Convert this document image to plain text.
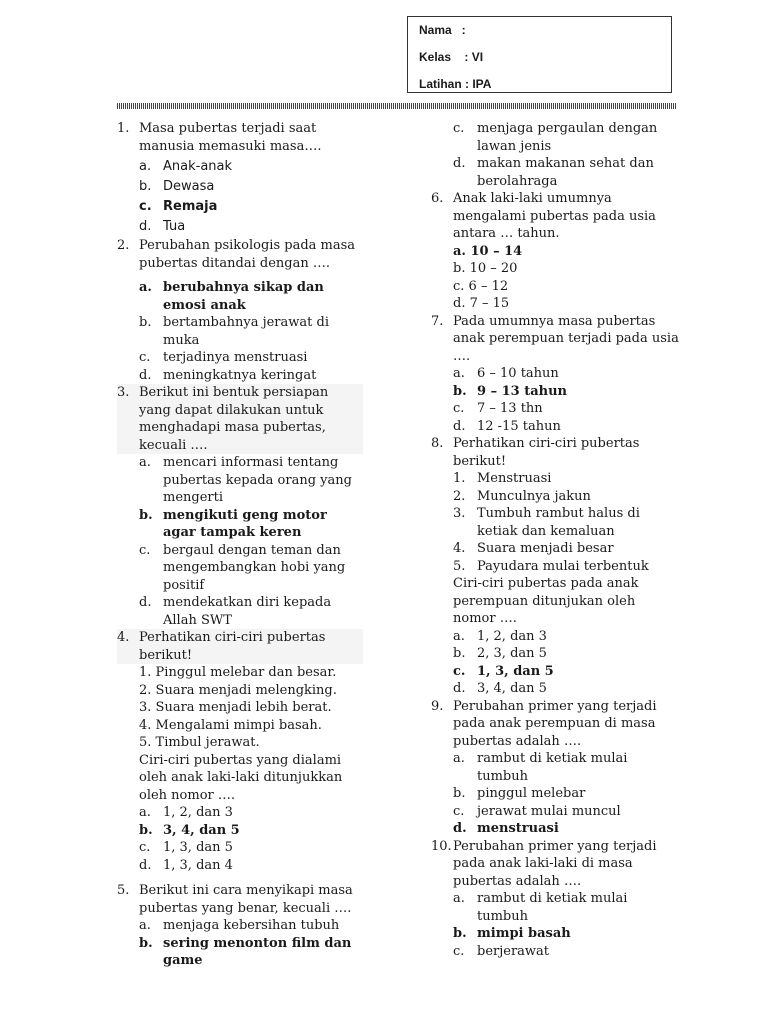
Nama   :
Kelas    : VI
Latihan : IPA
1. Masa pubertas terjadi saat manusia memasuki masa….
a. Anak-anak
b. Dewasa
c. Remaja
d. Tua
2. Perubahan psikologis pada masa pubertas ditandai dengan ….
a. berubahnya sikap dan emosi anak
b. bertambahnya jerawat di muka
c. terjadinya menstruasi
d. meningkatnya keringat
3. Berikut ini bentuk persiapan yang dapat dilakukan untuk menghadapi masa pubertas, kecuali ….
a. mencari informasi tentang pubertas kepada orang yang mengerti
b. mengikuti geng motor agar tampak keren
c. bergaul dengan teman dan mengembangkan hobi yang positif
d. mendekatkan diri kepada Allah SWT
4. Perhatikan ciri-ciri pubertas berikut!
1. Pinggul melebar dan besar.
2. Suara menjadi melengking.
3. Suara menjadi lebih berat.
4. Mengalami mimpi basah.
5. Timbul jerawat.
Ciri-ciri pubertas yang dialami oleh anak laki-laki ditunjukkan oleh nomor ….
a. 1, 2, dan 3
b. 3, 4, dan 5
c. 1, 3, dan 5
d. 1, 3, dan 4
5. Berikut ini cara menyikapi masa pubertas yang benar, kecuali ….
a. menjaga kebersihan tubuh
b. sering menonton film dan game
c. menjaga pergaulan dengan lawan jenis
d. makan makanan sehat dan berolahraga
6. Anak laki-laki umumnya mengalami pubertas pada usia antara … tahun.
a. 10 – 14
b. 10 – 20
c. 6 – 12
d. 7 – 15
7. Pada umumnya masa pubertas anak perempuan terjadi pada usia ….
a. 6 – 10 tahun
b. 9 – 13 tahun
c. 7 – 13 thn
d. 12 -15 tahun
8. Perhatikan ciri-ciri pubertas berikut!
1. Menstruasi
2. Munculnya jakun
3. Tumbuh rambut halus di ketiak dan kemaluan
4. Suara menjadi besar
5. Payudara mulai terbentuk
Ciri-ciri pubertas pada anak perempuan ditunjukan oleh nomor ….
a. 1, 2, dan 3
b. 2, 3, dan 5
c. 1, 3, dan 5
d. 3, 4, dan 5
9. Perubahan primer yang terjadi pada anak perempuan di masa pubertas adalah ….
a. rambut di ketiak mulai tumbuh
b. pinggul melebar
c. jerawat mulai muncul
d. menstruasi
10. Perubahan primer yang terjadi pada anak laki-laki di masa pubertas adalah ….
a. rambut di ketiak mulai tumbuh
b. mimpi basah
c. berjerawat
